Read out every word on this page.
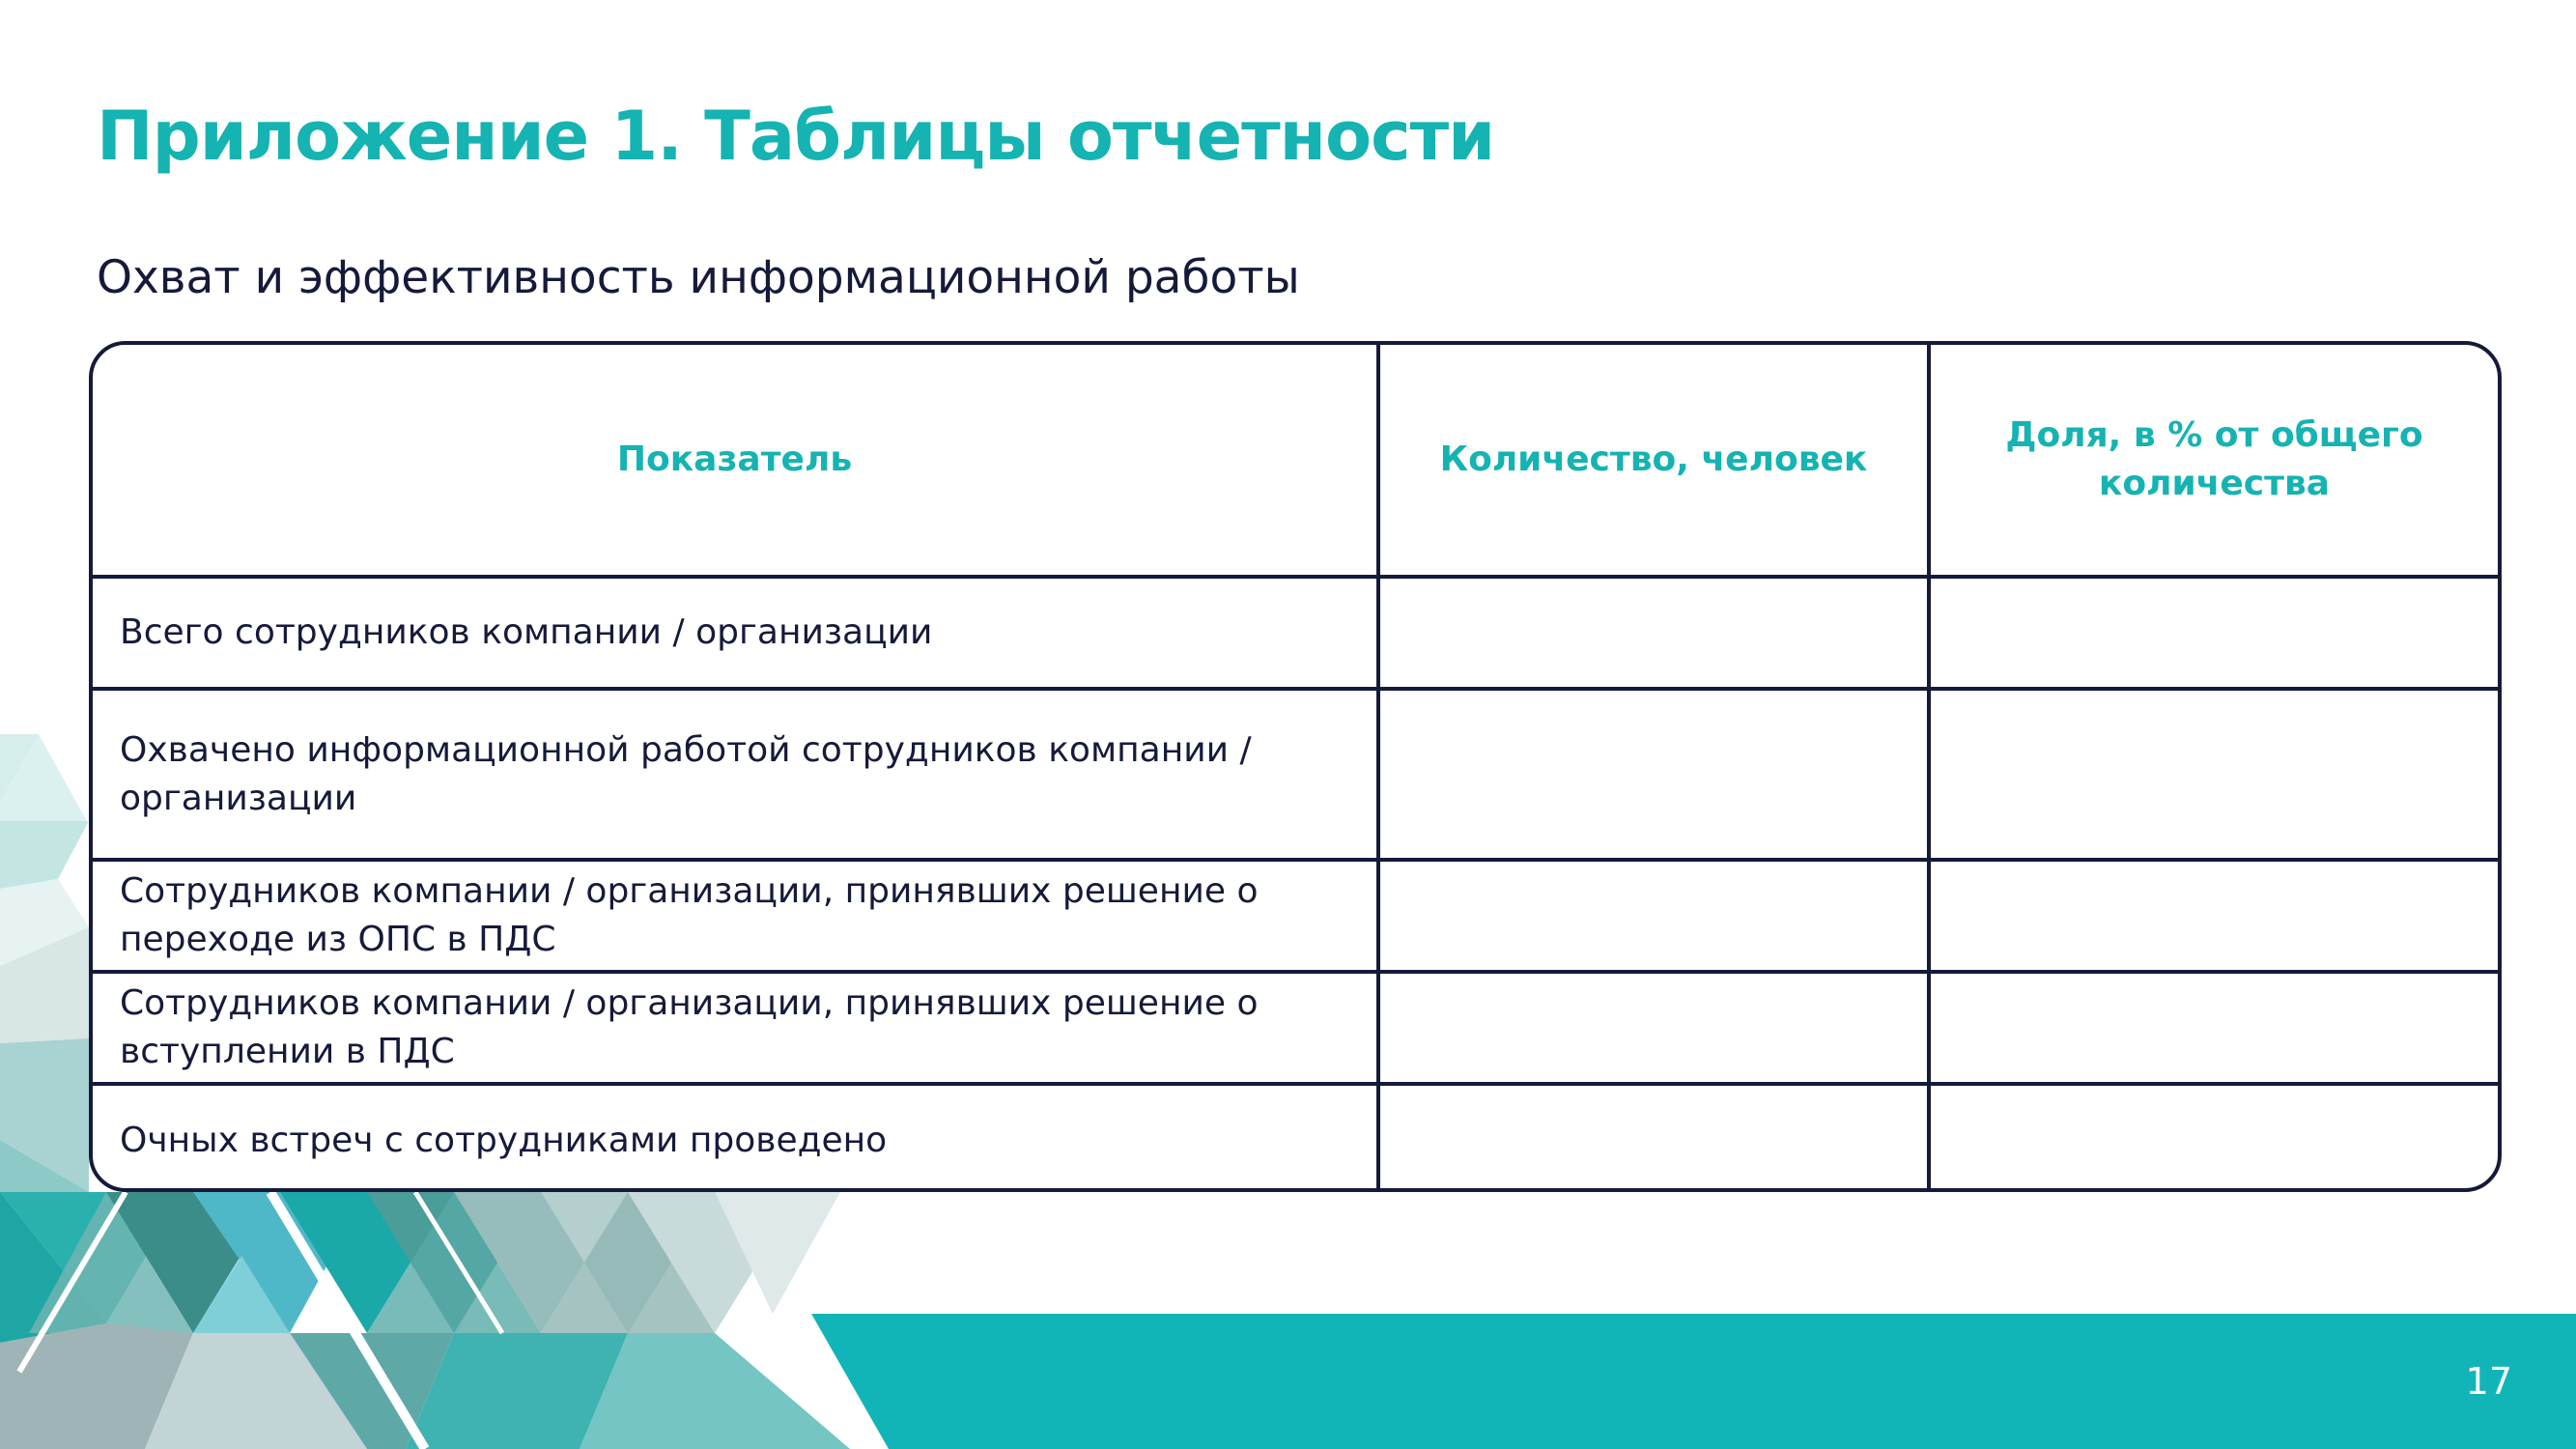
Приложение 1. Таблицы отчетности
Охват и эффективность информационной работы
Показатель	Количество, человек	Доля, в % от общего количества
Всего сотрудников компании / организации		
Охвачено информационной работой сотрудников компании / организации		
Сотрудников компании / организации, принявших решение о переходе из ОПС в ПДС		
Сотрудников компании / организации, принявших решение о вступлении в ПДС		
Очных встреч с сотрудниками проведено		
17
